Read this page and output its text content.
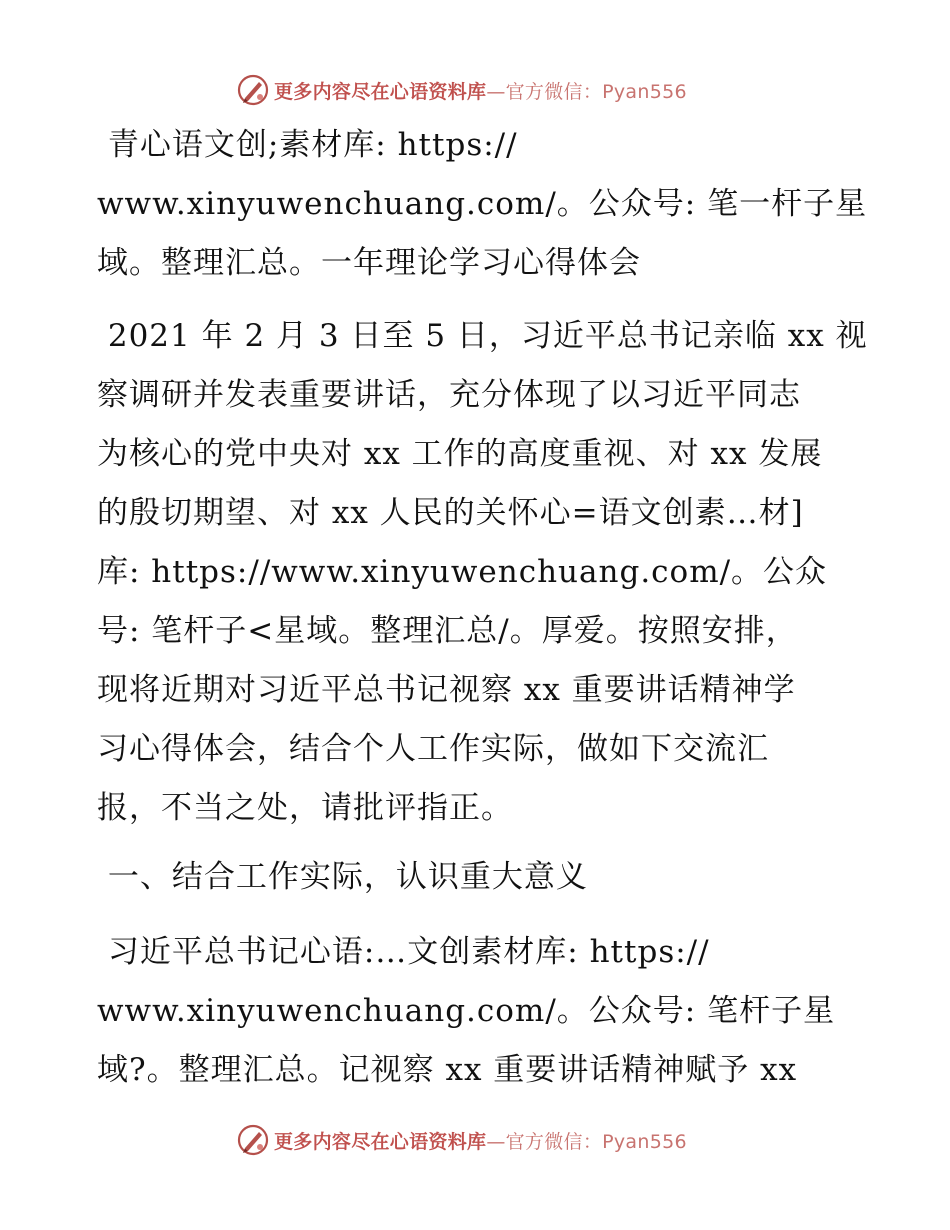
更多内容尽在心语资料库—官方微信：Pyan556
青心语文创;素材库: https://
www.xinyuwenchuang.com/。公众号: 笔一杆子星
域。整理汇总。一年理论学习心得体会
2021 年 2 月 3 日至 5 日，习近平总书记亲临 xx 视
察调研并发表重要讲话，充分体现了以习近平同志
为核心的党中央对 xx 工作的高度重视、对 xx 发展
的殷切期望、对 xx 人民的关怀心=语文创素…材]
库: https://www.xinyuwenchuang.com/。公众
号: 笔杆子<星域。整理汇总/。厚爱。按照安排，
现将近期对习近平总书记视察 xx 重要讲话精神学
习心得体会，结合个人工作实际，做如下交流汇
报，不当之处，请批评指正。
一、结合工作实际，认识重大意义
习近平总书记心语:…文创素材库: https://
www.xinyuwenchuang.com/。公众号: 笔杆子星
域?。整理汇总。记视察 xx 重要讲话精神赋予 xx
更多内容尽在心语资料库—官方微信：Pyan556
